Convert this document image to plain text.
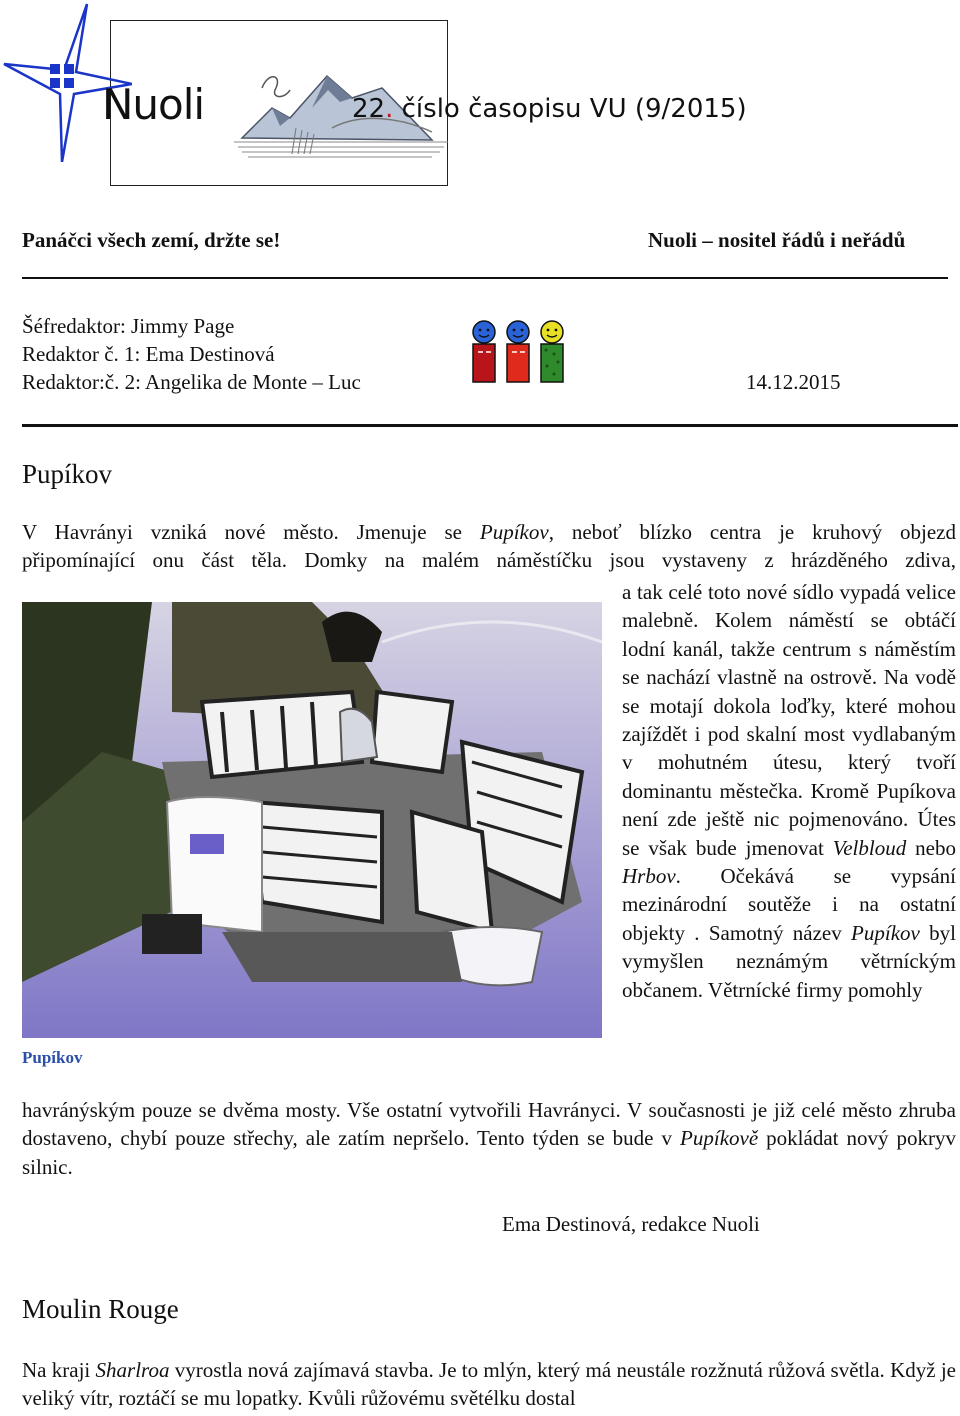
Nuoli	22. číslo časopisu VU (9/2015)
Panáčci všech zemí, držte se!	Nuoli – nositel řádů i neřádů
Šéfredaktor: Jimmy Page
Redaktor č. 1: Ema Destinová
Redaktor:č. 2: Angelika de Monte – Luc	14.12.2015
Pupíkov
V Havrányi vzniká nové město. Jmenuje se Pupíkov, neboť blízko centra je kruhový objezd
připomínající onu část těla. Domky na malém náměstíčku jsou vystaveny z hrázděného zdiva,
Pupíkov
a tak celé toto nové sídlo vypadá velice malebně. Kolem náměstí se obtáčí lodní kanál, takže centrum s náměstím se nachází vlastně na ostrově. Na vodě se motají dokola loďky, které mohou zajíždět i pod skalní most vydlabaným v mohutném útesu, který tvoří dominantu městečka. Kromě Pupíkova není zde ještě nic pojmenováno. Útes se však bude jmenovat Velbloud nebo Hrbov. Očekává se vypsání mezinárodní soutěže i na ostatní objekty . Samotný název Pupíkov byl vymyšlen neznámým větrníckým občanem. Větrnícké firmy pomohly
havránýským pouze se dvěma mosty. Vše ostatní vytvořili Havrányci. V současnosti je již celé město zhruba dostaveno, chybí pouze střechy, ale zatím nepršelo. Tento týden se bude v Pupíkově pokládat nový pokryv silnic.
Ema Destinová, redakce Nuoli
Moulin Rouge
Na kraji Sharlroa vyrostla nová zajímavá stavba. Je to mlýn, který má neustále rozžnutá růžová světla. Když je veliký vítr, roztáčí se mu lopatky. Kvůli růžovému světélku dostal
